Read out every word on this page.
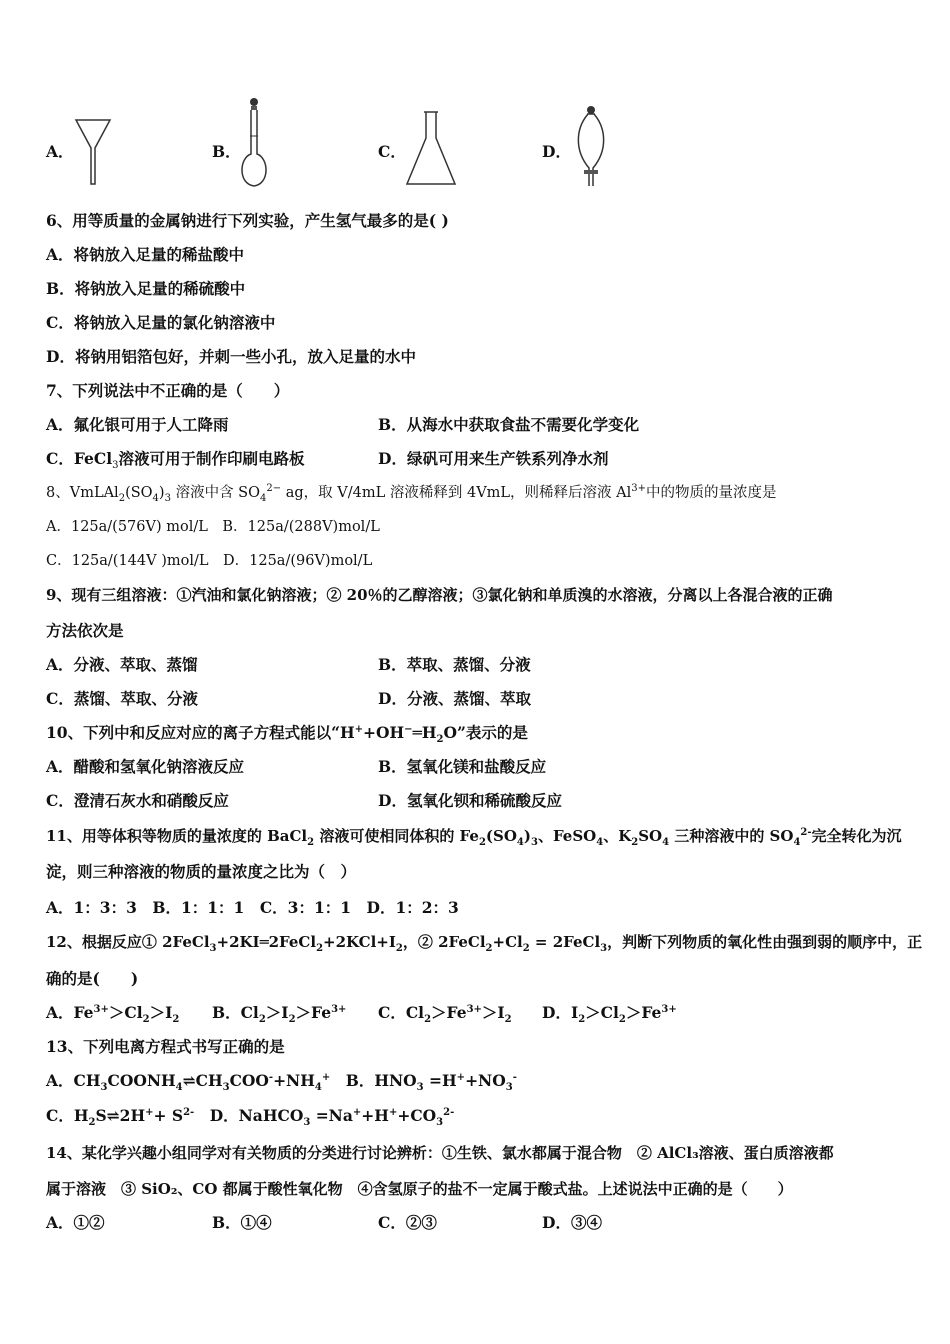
A．	B．	C．	D．
6、用等质量的金属钠进行下列实验，产生氢气最多的是( )
A．将钠放入足量的稀盐酸中
B．将钠放入足量的稀硫酸中
C．将钠放入足量的氯化钠溶液中
D．将钠用铝箔包好，并刺一些小孔，放入足量的水中
7、下列说法中不正确的是（　　）
A．氟化银可用于人工降雨	B．从海水中获取食盐不需要化学变化
C．FeCl$_3$溶液可用于制作印刷电路板	D．绿矾可用来生产铁系列净水剂
8、$VmLAl_2(SO_4)_3$ 溶液中含 $SO_4^{2-}$ ag，取 V/4mL 溶液稀释到 4VmL，则稀释后溶液 $Al^{3+}$中的物质的量浓度是
A．125a/(576V) mol/L　B．125a/(288V)mol/L
C．125a/(144V )mol/L　D．125a/(96V)mol/L
9、现有三组溶液：①汽油和氯化钠溶液；② 20％的乙醇溶液；③氯化钠和单质溴的水溶液，分离以上各混合液的正确
方法依次是
A．分液、萃取、蒸馏	B．萃取、蒸馏、分液
C．蒸馏、萃取、分液	D．分液、蒸馏、萃取
10、下列中和反应对应的离子方程式能以“$H^++OH^-═H_2O$”表示的是
A．醋酸和氢氧化钠溶液反应	B．氢氧化镁和盐酸反应
C．澄清石灰水和硝酸反应	D．氢氧化钡和稀硫酸反应
11、用等体积等物质的量浓度的 BaCl$_2$ 溶液可使相同体积的 $Fe_2(SO_4)_3$、FeSO$_4$、$K_2SO_4$ 三种溶液中的 $SO_4^{2-}$完全转化为沉
淀，则三种溶液的物质的量浓度之比为（　）
A．1：3：3　B．1：1：1　C．3：1：1　D．1：2：3
12、根据反应① $2FeCl_3+2KI═2FeCl_2+2KCl+I_2$，② $2FeCl_2+Cl_2$ = 2FeCl$_3$，判断下列物质的氧化性由强到弱的顺序中，正
确的是(　　)
A．$Fe^{3+}>Cl_2>I_2$ B．$Cl_2>I_2>Fe^{3+}$ C．$Cl_2>Fe^{3+}>I_2$ D．$I_2>Cl_2>Fe^{3+}$
13、下列电离方程式书写正确的是
A．$CH_3COONH_4\rightleftharpoons CH_3COO^-+NH_4^+$　 B．$HNO_3 =H^++NO_3^-$
C．$H_2S\rightleftharpoons 2H^++ S^{2-}$　 D．NaHCO$_3$ $=Na^++H^++CO_3^{2-}$
14、某化学兴趣小组同学对有关物质的分类进行讨论辨析：①生铁、氯水都属于混合物　② AlCl₃溶液、蛋白质溶液都
属于溶液　③ SiO₂、CO 都属于酸性氧化物　④含氢原子的盐不一定属于酸式盐。上述说法中正确的是（　　）
A．①②	B．①④	C．②③	D．③④
